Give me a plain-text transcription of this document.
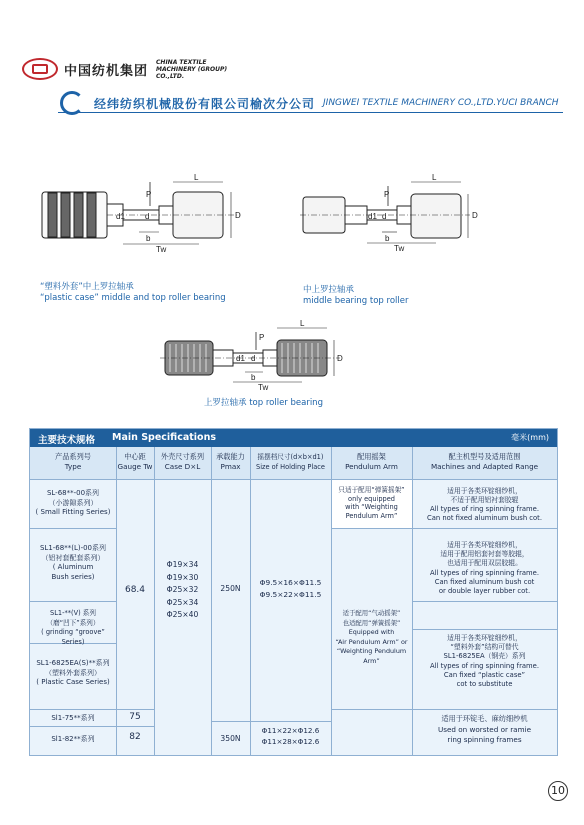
中国纺机集团
CHINA TEXTILE MACHINERY (GROUP) CO.,LTD.
经纬纺织机械股份有限公司榆次分公司 JINGWEI TEXTILE MACHINERY CO.,LTD.YUCI BRANCH
P
L
d1	d
b
Tw
D
P
L
d1 d
b
Tw
D
P
L
d1 d
b
Tw
D
“塑料外套”中上罗拉轴承
“plastic case” middle and top roller bearing
中上罗拉轴承
middle bearing top roller
上罗拉轴承 top roller bearing
主要技术规格 Main Specifications	毫米(mm)
产品系列号
Type
中心距
Gauge Tw
外壳尺寸系列
Case D×L
承载能力
Pmax
摇摆档尺寸(d×b×d1)
Size of Holding Place
配用摇架
Pendulum Arm
配主机型号及适用范围
Machines and Adapted Range
SL-68**-00系列
（小游隙系列）
( Small Fitting Series)
SL1-68**(L)-00系列
（铝衬套配套系列）
( Aluminum
Bush series)
SL1-**(V) 系列
（磨“凹下”系列）
( grinding “groove” Series)
SL1-6825EA(S)**系列
（塑料外套系列）
( Plastic Case Series)
Sl1-75**系列
Sl1-82**系列
68.4
75
82
Φ19×34
Φ19×30
Φ25×32
Φ25×34
Φ25×40
250N
350N
Φ9.5×16×Φ11.5
Φ9.5×22×Φ11.5
Φ11×22×Φ12.6
Φ11×28×Φ12.6
只适于配用“弹簧摇架”
only equipped
with “Weighting
Pendulum Arm”
适于配用“气动摇架”
也适配用“弹簧摇架”
Equipped with
“Air Pendulum Arm” or
“Weighting Pendulum Arm”
适用于各类环锭细纱机，
不适于配用铝衬套胶辊
All types of ring spinning frame.
Can not fixed aluminum bush cot.
适用于各类环锭细纱机，
适用于配用铝套衬套等胶辊，
也适用于配用双层胶辊。
All types of ring spinning frame.
Can fixed aluminum bush cot
or double layer rubber cot.
适用于各类环锭细纱机，
“塑料外套”结构可替代
SL1-6825EA（钢壳）系列
All types of ring spinning frame.
Can fixed “plastic case”
cot to substitute
适用于环锭毛、麻纺细纱机
Used on worsted or ramie
ring spinning frames
10
